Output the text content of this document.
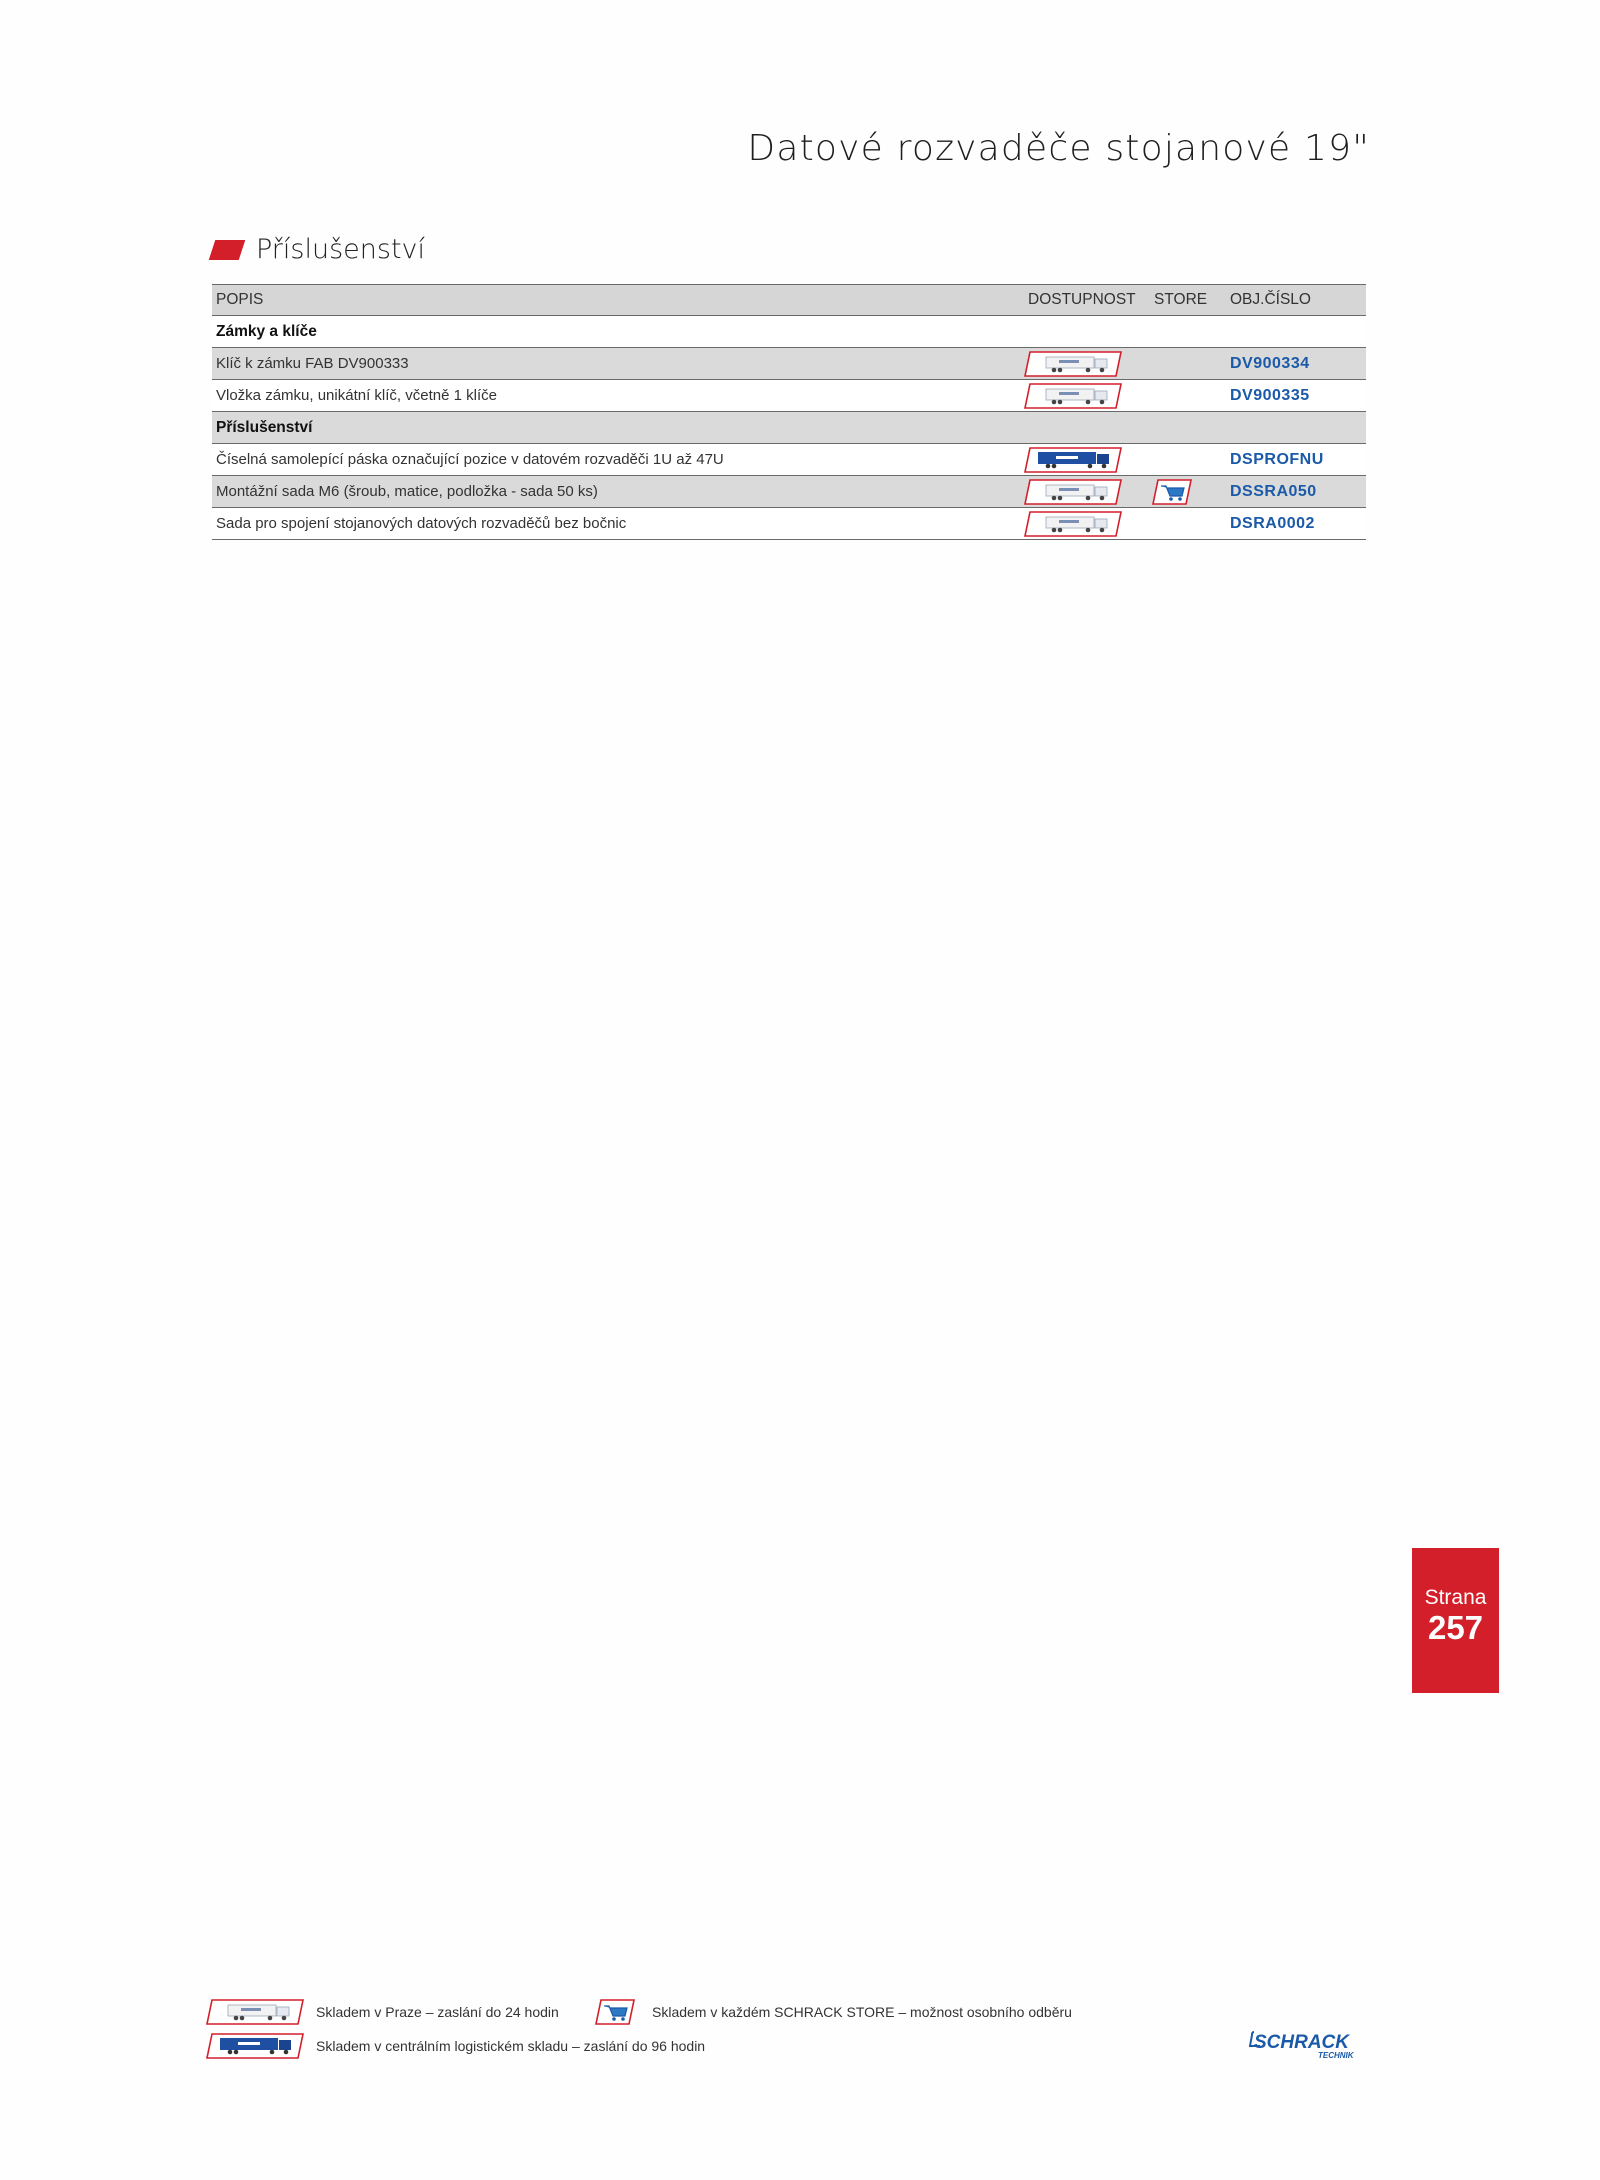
Datové rozvaděče stojanové 19"
Příslušenství
POPIS	DOSTUPNOST STORE OBJ.ČÍSLO
Zámky a klíče
Klíč k zámku FAB DV900333	DV900334
Vložka zámku, unikátní klíč, včetně 1 klíče	DV900335
Příslušenství
Číselná samolepící páska označující pozice v datovém rozvaděči 1U až 47U	DSPROFNU
Montážní sada M6 (šroub, matice, podložka - sada 50 ks)	DSSRA050
Sada pro spojení stojanových datových rozvaděčů bez bočnic	DSRA0002
Strana
257
Skladem v Praze – zaslání do 24 hodin	Skladem v každém SCHRACK STORE – možnost osobního odběru
Skladem v centrálním logistickém skladu – zaslání do 96 hodin	SCHRACK
TECHNIK
